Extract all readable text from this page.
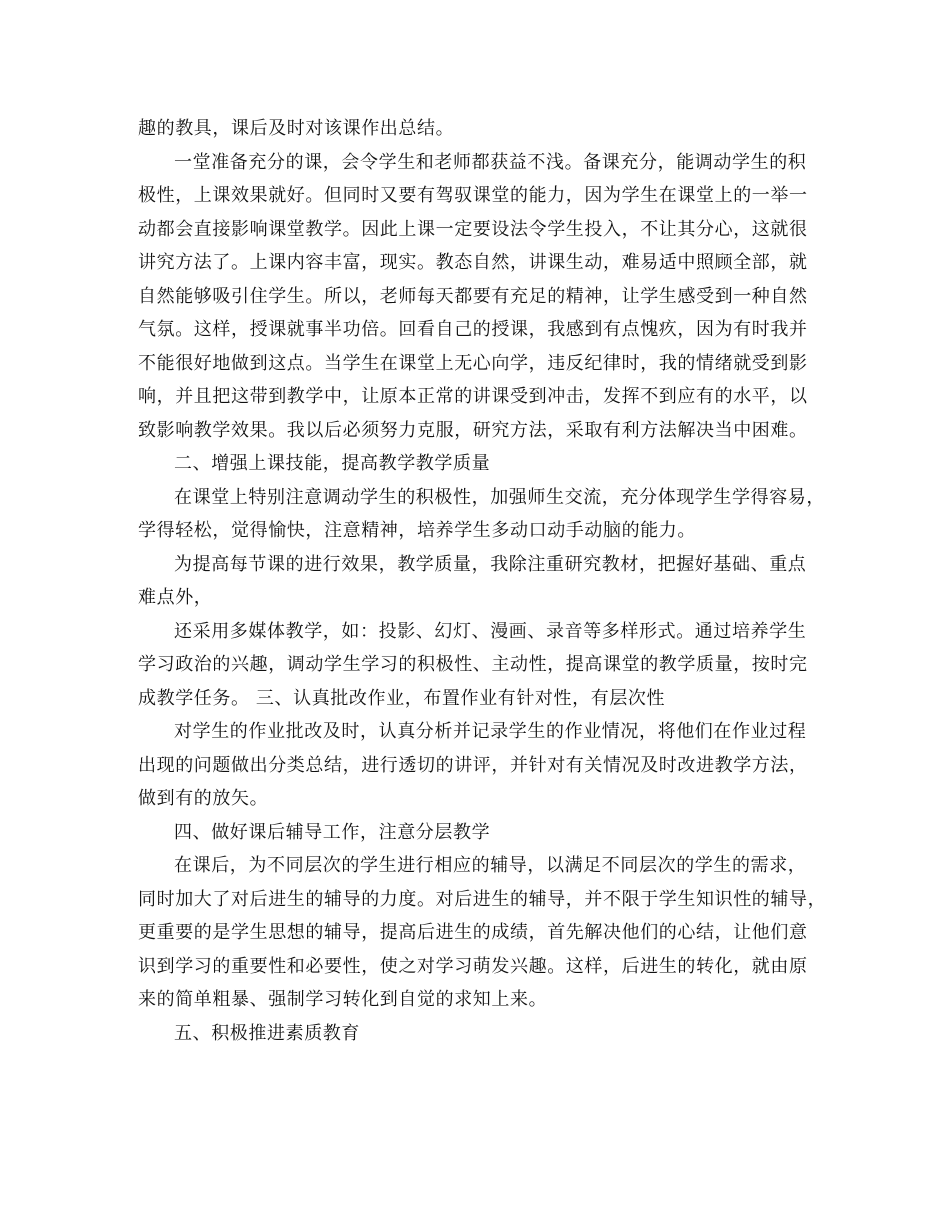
趣的教具，课后及时对该课作出总结。
一堂准备充分的课，会令学生和老师都获益不浅。备课充分，能调动学生的积
极性，上课效果就好。但同时又要有驾驭课堂的能力，因为学生在课堂上的一举一
动都会直接影响课堂教学。因此上课一定要设法令学生投入，不让其分心，这就很
讲究方法了。上课内容丰富，现实。教态自然，讲课生动，难易适中照顾全部，就
自然能够吸引住学生。所以，老师每天都要有充足的精神，让学生感受到一种自然
气氛。这样，授课就事半功倍。回看自己的授课，我感到有点愧疚，因为有时我并
不能很好地做到这点。当学生在课堂上无心向学，违反纪律时，我的情绪就受到影
响，并且把这带到教学中，让原本正常的讲课受到冲击，发挥不到应有的水平，以
致影响教学效果。我以后必须努力克服，研究方法，采取有利方法解决当中困难。
二、增强上课技能，提高教学教学质量
在课堂上特别注意调动学生的积极性，加强师生交流，充分体现学生学得容易，
学得轻松，觉得愉快，注意精神，培养学生多动口动手动脑的能力。
为提高每节课的进行效果，教学质量，我除注重研究教材，把握好基础、重点
难点外，
还采用多媒体教学，如：投影、幻灯、漫画、录音等多样形式。通过培养学生
学习政治的兴趣，调动学生学习的积极性、主动性，提高课堂的教学质量，按时完
成教学任务。 三、认真批改作业，布置作业有针对性，有层次性
对学生的作业批改及时，认真分析并记录学生的作业情况，将他们在作业过程
出现的问题做出分类总结，进行透切的讲评，并针对有关情况及时改进教学方法，
做到有的放矢。
四、做好课后辅导工作，注意分层教学
在课后，为不同层次的学生进行相应的辅导，以满足不同层次的学生的需求，
同时加大了对后进生的辅导的力度。对后进生的辅导，并不限于学生知识性的辅导，
更重要的是学生思想的辅导，提高后进生的成绩，首先解决他们的心结，让他们意
识到学习的重要性和必要性，使之对学习萌发兴趣。这样，后进生的转化，就由原
来的简单粗暴、强制学习转化到自觉的求知上来。
五、积极推进素质教育
